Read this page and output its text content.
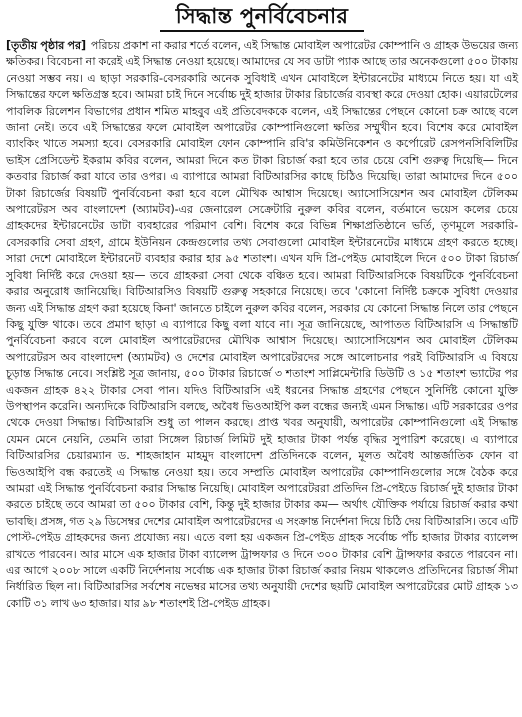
সিদ্ধান্ত পুনর্বিবেচনার
[তৃতীয় পৃষ্ঠার পর] পরিচয় প্রকাশ না করার শর্তে বলেন, এই সিদ্ধান্ত মোবাইল অপারেটর কোম্পানি ও গ্রাহক উভয়ের জন্য ক্ষতিকর। বিবেচনা না করেই এই সিদ্ধান্ত নেওয়া হয়েছে। আমাদের যে সব ডাটা প্যাক আছে তার অনেকগুলো ৫০০ টাকায় নেওয়া সম্ভব নয়। এ ছাড়া সরকারি-বেসরকারি অনেক সুবিধাই এখন মোবাইলে ইন্টারনেটের মাধ্যমে নিতে হয়। যা এই সিদ্ধান্তের ফলে ক্ষতিগ্রস্ত হবে। আমরা চাই দিনে সর্বোচ্চ দুই হাজার টাকার রিচার্জের ব্যবস্থা করে দেওয়া হোক। এয়ারটেলের পাবলিক রিলেশন বিভাগের প্রধান শমিত মাহবুব এই প্রতিবেদককে বলেন, এই সিদ্ধান্তের পেছনে কোনো চক্র আছে বলে জানা নেই। তবে এই সিদ্ধান্তের ফলে মোবাইল অপারেটর কোম্পানিগুলো ক্ষতির সম্মুখীন হবে। বিশেষ করে মোবাইল ব্যাংকিং খাতে সমস্যা হবে। বেসরকারি মোবাইল ফোন কোম্পানি রবি'র কমিউনিকেশন ও কর্পোরেট রেসপনসিবিলিটির ভাইস প্রেসিডেন্ট ইকরাম কবির বলেন, আমরা দিনে কত টাকা রিচার্জ করা হবে তার চেয়ে বেশি গুরুত্ব দিয়েছি— দিনে কতবার রিচার্জ করা যাবে তার ওপর। এ ব্যাপারে আমরা বিটিআরসির কাছে চিঠিও দিয়েছি। তারা আমাদের দিনে ৫০০ টাকা রিচার্জের বিষয়টি পুনর্বিবেচনা করা হবে বলে মৌখিক আশ্বাস দিয়েছে। অ্যাসোসিয়েশন অব মোবাইল টেলিকম অপারেটরস অব বাংলাদেশ (অ্যামটব)-এর জেনারেল সেক্রেটারি নুরুল কবির বলেন, বর্তমানে ভয়েস কলের চেয়ে গ্রাহকদের ইন্টারনেটের ডাটা ব্যবহারের পরিমাণ বেশি। বিশেষ করে বিভিন্ন শিক্ষাপ্রতিষ্ঠানে ভর্তি, তৃণমূলে সরকারি-বেসরকারি সেবা গ্রহণ, গ্রামে ইউনিয়ন কেন্দ্রগুলোর তথ্য সেবাগুলো মোবাইল ইন্টারনেটের মাধ্যমে গ্রহণ করতে হচ্ছে। সারা দেশে মোবাইলে ইন্টারনেট ব্যবহার করার হার ৯৫ শতাংশ। এখন যদি প্রি-পেইড মোবাইলে দিনে ৫০০ টাকা রিচার্জ সুবিধা নির্দিষ্ট করে দেওয়া হয়— তবে গ্রাহকরা সেবা থেকে বঞ্চিত হবে। আমরা বিটিআরসিকে বিষয়টিকে পুনর্বিবেচনা করার অনুরোধ জানিয়েছি। বিটিআরসিও বিষয়টি গুরুত্ব সহকারে নিয়েছে। তবে 'কোনো নির্দিষ্ট চক্রকে সুবিধা দেওয়ার জন্য এই সিদ্ধান্ত গ্রহণ করা হয়েছে কিনা' জানতে চাইলে নুরুল কবির বলেন, সরকার যে কোনো সিদ্ধান্ত নিলে তার পেছনে কিছু যুক্তি থাকে। তবে প্রমাণ ছাড়া এ ব্যাপারে কিছু বলা যাবে না। সূত্র জানিয়েছে, আপাতত বিটিআরসি এ সিদ্ধান্তটি পুনর্বিবেচনা করবে বলে মোবাইল অপারেটরদের মৌখিক আশ্বাস দিয়েছে। অ্যাসোসিয়েশন অব মোবাইল টেলিকম অপারেটরস অব বাংলাদেশ (অ্যামটব) ও দেশের মোবাইল অপারেটরদের সঙ্গে আলোচনার পরই বিটিআরসি এ বিষয়ে চূড়ান্ত সিদ্ধান্ত নেবে। সংশ্লিষ্ট সূত্র জানায়, ৫০০ টাকার রিচার্জে ৩ শতাংশ সাপ্লিমেন্টারি ডিউটি ও ১৫ শতাংশ ভ্যাটের পর একজন গ্রাহক ৪২২ টাকার সেবা পান। যদিও বিটিআরসি এই ধরনের সিদ্ধান্ত গ্রহণের পেছনে সুনির্দিষ্ট কোনো যুক্তি উপস্থাপন করেনি। অন্যদিকে বিটিআরসি বলছে, অবৈধ ভিওআইপি কল বন্ধের জন্যই এমন সিদ্ধান্ত। এটি সরকারের ওপর থেকে দেওয়া সিদ্ধান্ত। বিটিআরসি শুধু তা পালন করছে। প্রাপ্ত খবর অনুযায়ী, অপারেটর কোম্পানিগুলো এই সিদ্ধান্ত যেমন মেনে নেয়নি, তেমনি তারা সিঙ্গেল রিচার্জ লিমিট দুই হাজার টাকা পর্যন্ত বৃদ্ধির সুপারিশ করেছে। এ ব্যাপারে বিটিআরসির চেয়ারম্যান ড. শাহজাহান মাহমুদ বাংলাদেশ প্রতিদিনকে বলেন, মূলত অবৈধ আন্তর্জাতিক ফোন বা ভিওআইপি বন্ধ করতেই এ সিদ্ধান্ত নেওয়া হয়। তবে সম্প্রতি মোবাইল অপারেটর কোম্পানিগুলোর সঙ্গে বৈঠক করে আমরা এই সিদ্ধান্ত পুনর্বিবেচনা করার সিদ্ধান্ত নিয়েছি। মোবাইল অপারেটররা প্রতিদিন প্রি-পেইডে রিচার্জ দুই হাজার টাকা করতে চাইছে তবে আমরা তা ৫০০ টাকার বেশি, কিন্তু দুই হাজার টাকার কম— অর্থাৎ যৌক্তিক পর্যায়ে রিচার্জ করার কথা ভাবছি। প্রসঙ্গ, গত ২৯ ডিসেম্বর দেশের মোবাইল অপারেটরদের এ সংক্রান্ত নির্দেশনা দিয়ে চিঠি দেয় বিটিআরসি। তবে এটি পোস্ট-পেইড গ্রাহকদের জন্য প্রযোজ্য নয়। এতে বলা হয় একজন প্রি-পেইড গ্রাহক সর্বোচ্চ পাঁচ হাজার টাকার ব্যালেন্স রাখতে পারবেন। আর মাসে এক হাজার টাকা ব্যালেন্স ট্রান্সফার ও দিনে ৩০০ টাকার বেশি ট্রান্সফার করতে পারবেন না। এর আগে ২০০৮ সালে একটি নির্দেশনায় সর্বোচ্চ এক হাজার টাকা রিচার্জ করার নিয়ম থাকলেও প্রতিদিনের রিচার্জ সীমা নির্ধারিত ছিল না। বিটিআরসির সর্বশেষ নভেম্বর মাসের তথ্য অনুযায়ী দেশের ছয়টি মোবাইল অপারেটরের মোট গ্রাহক ১৩ কোটি ৩১ লাখ ৬৩ হাজার। যার ৯৮ শতাংশই প্রি-পেইড গ্রাহক।
